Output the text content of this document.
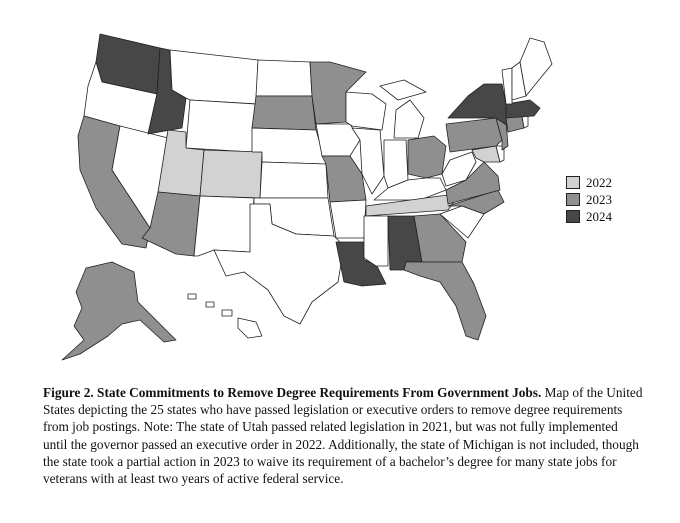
2022
2023
2024
Figure 2. State Commitments to Remove Degree Requirements From Government Jobs. Map of the United States depicting the 25 states who have passed legislation or executive orders to remove degree requirements from job postings. Note: The state of Utah passed related legislation in 2021, but was not fully implemented until the governor passed an executive order in 2022. Additionally, the state of Michigan is not included, though the state took a partial action in 2023 to waive its requirement of a bachelor’s degree for many state jobs for veterans with at least two years of active federal service.
